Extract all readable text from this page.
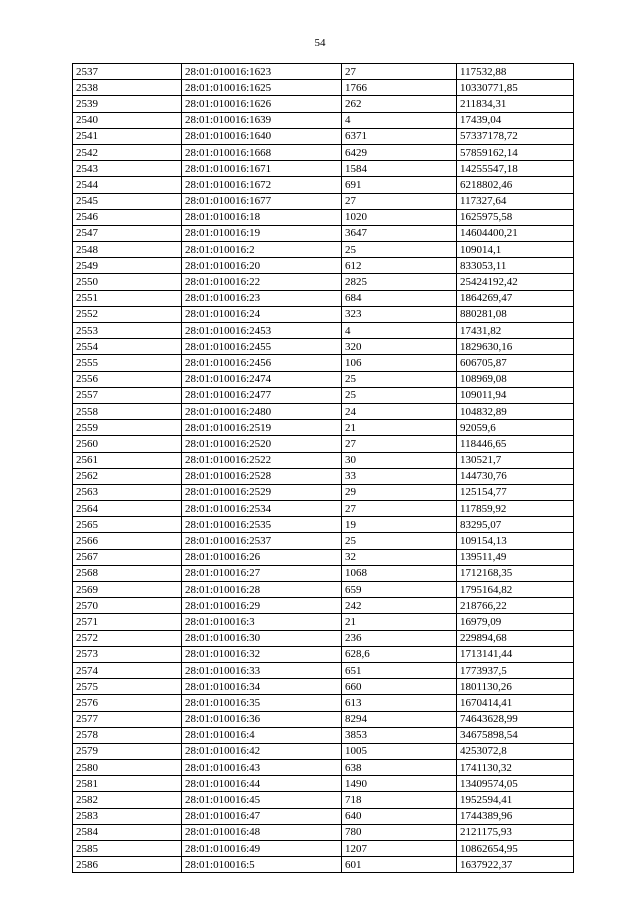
54
2537	28:01:010016:1623	27	117532,88
2538	28:01:010016:1625	1766	10330771,85
2539	28:01:010016:1626	262	211834,31
2540	28:01:010016:1639	4	17439,04
2541	28:01:010016:1640	6371	57337178,72
2542	28:01:010016:1668	6429	57859162,14
2543	28:01:010016:1671	1584	14255547,18
2544	28:01:010016:1672	691	6218802,46
2545	28:01:010016:1677	27	117327,64
2546	28:01:010016:18	1020	1625975,58
2547	28:01:010016:19	3647	14604400,21
2548	28:01:010016:2	25	109014,1
2549	28:01:010016:20	612	833053,11
2550	28:01:010016:22	2825	25424192,42
2551	28:01:010016:23	684	1864269,47
2552	28:01:010016:24	323	880281,08
2553	28:01:010016:2453	4	17431,82
2554	28:01:010016:2455	320	1829630,16
2555	28:01:010016:2456	106	606705,87
2556	28:01:010016:2474	25	108969,08
2557	28:01:010016:2477	25	109011,94
2558	28:01:010016:2480	24	104832,89
2559	28:01:010016:2519	21	92059,6
2560	28:01:010016:2520	27	118446,65
2561	28:01:010016:2522	30	130521,7
2562	28:01:010016:2528	33	144730,76
2563	28:01:010016:2529	29	125154,77
2564	28:01:010016:2534	27	117859,92
2565	28:01:010016:2535	19	83295,07
2566	28:01:010016:2537	25	109154,13
2567	28:01:010016:26	32	139511,49
2568	28:01:010016:27	1068	1712168,35
2569	28:01:010016:28	659	1795164,82
2570	28:01:010016:29	242	218766,22
2571	28:01:010016:3	21	16979,09
2572	28:01:010016:30	236	229894,68
2573	28:01:010016:32	628,6	1713141,44
2574	28:01:010016:33	651	1773937,5
2575	28:01:010016:34	660	1801130,26
2576	28:01:010016:35	613	1670414,41
2577	28:01:010016:36	8294	74643628,99
2578	28:01:010016:4	3853	34675898,54
2579	28:01:010016:42	1005	4253072,8
2580	28:01:010016:43	638	1741130,32
2581	28:01:010016:44	1490	13409574,05
2582	28:01:010016:45	718	1952594,41
2583	28:01:010016:47	640	1744389,96
2584	28:01:010016:48	780	2121175,93
2585	28:01:010016:49	1207	10862654,95
2586	28:01:010016:5	601	1637922,37
